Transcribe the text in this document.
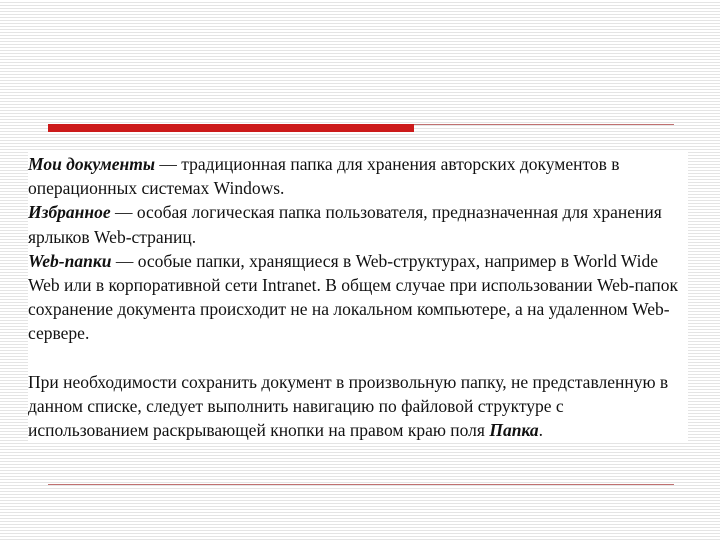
Мои документы — традиционная папка для хранения авторских документов в операционных системах Windows.

Избранное — особая логическая папка пользователя, предназначенная для хранения ярлыков Web-страниц.

Web-папки — особые папки, хранящиеся в Web-структурах, например в World Wide Web или в корпоративной сети Intranet. В общем случае при использовании Web-папок сохранение документа происходит не на локальном компьютере, а на удаленном Web-сервере.

При необходимости сохранить документ в произвольную папку, не представленную в данном списке, следует выполнить навигацию по файловой структуре с использованием раскрывающей кнопки на правом краю поля Папка.
